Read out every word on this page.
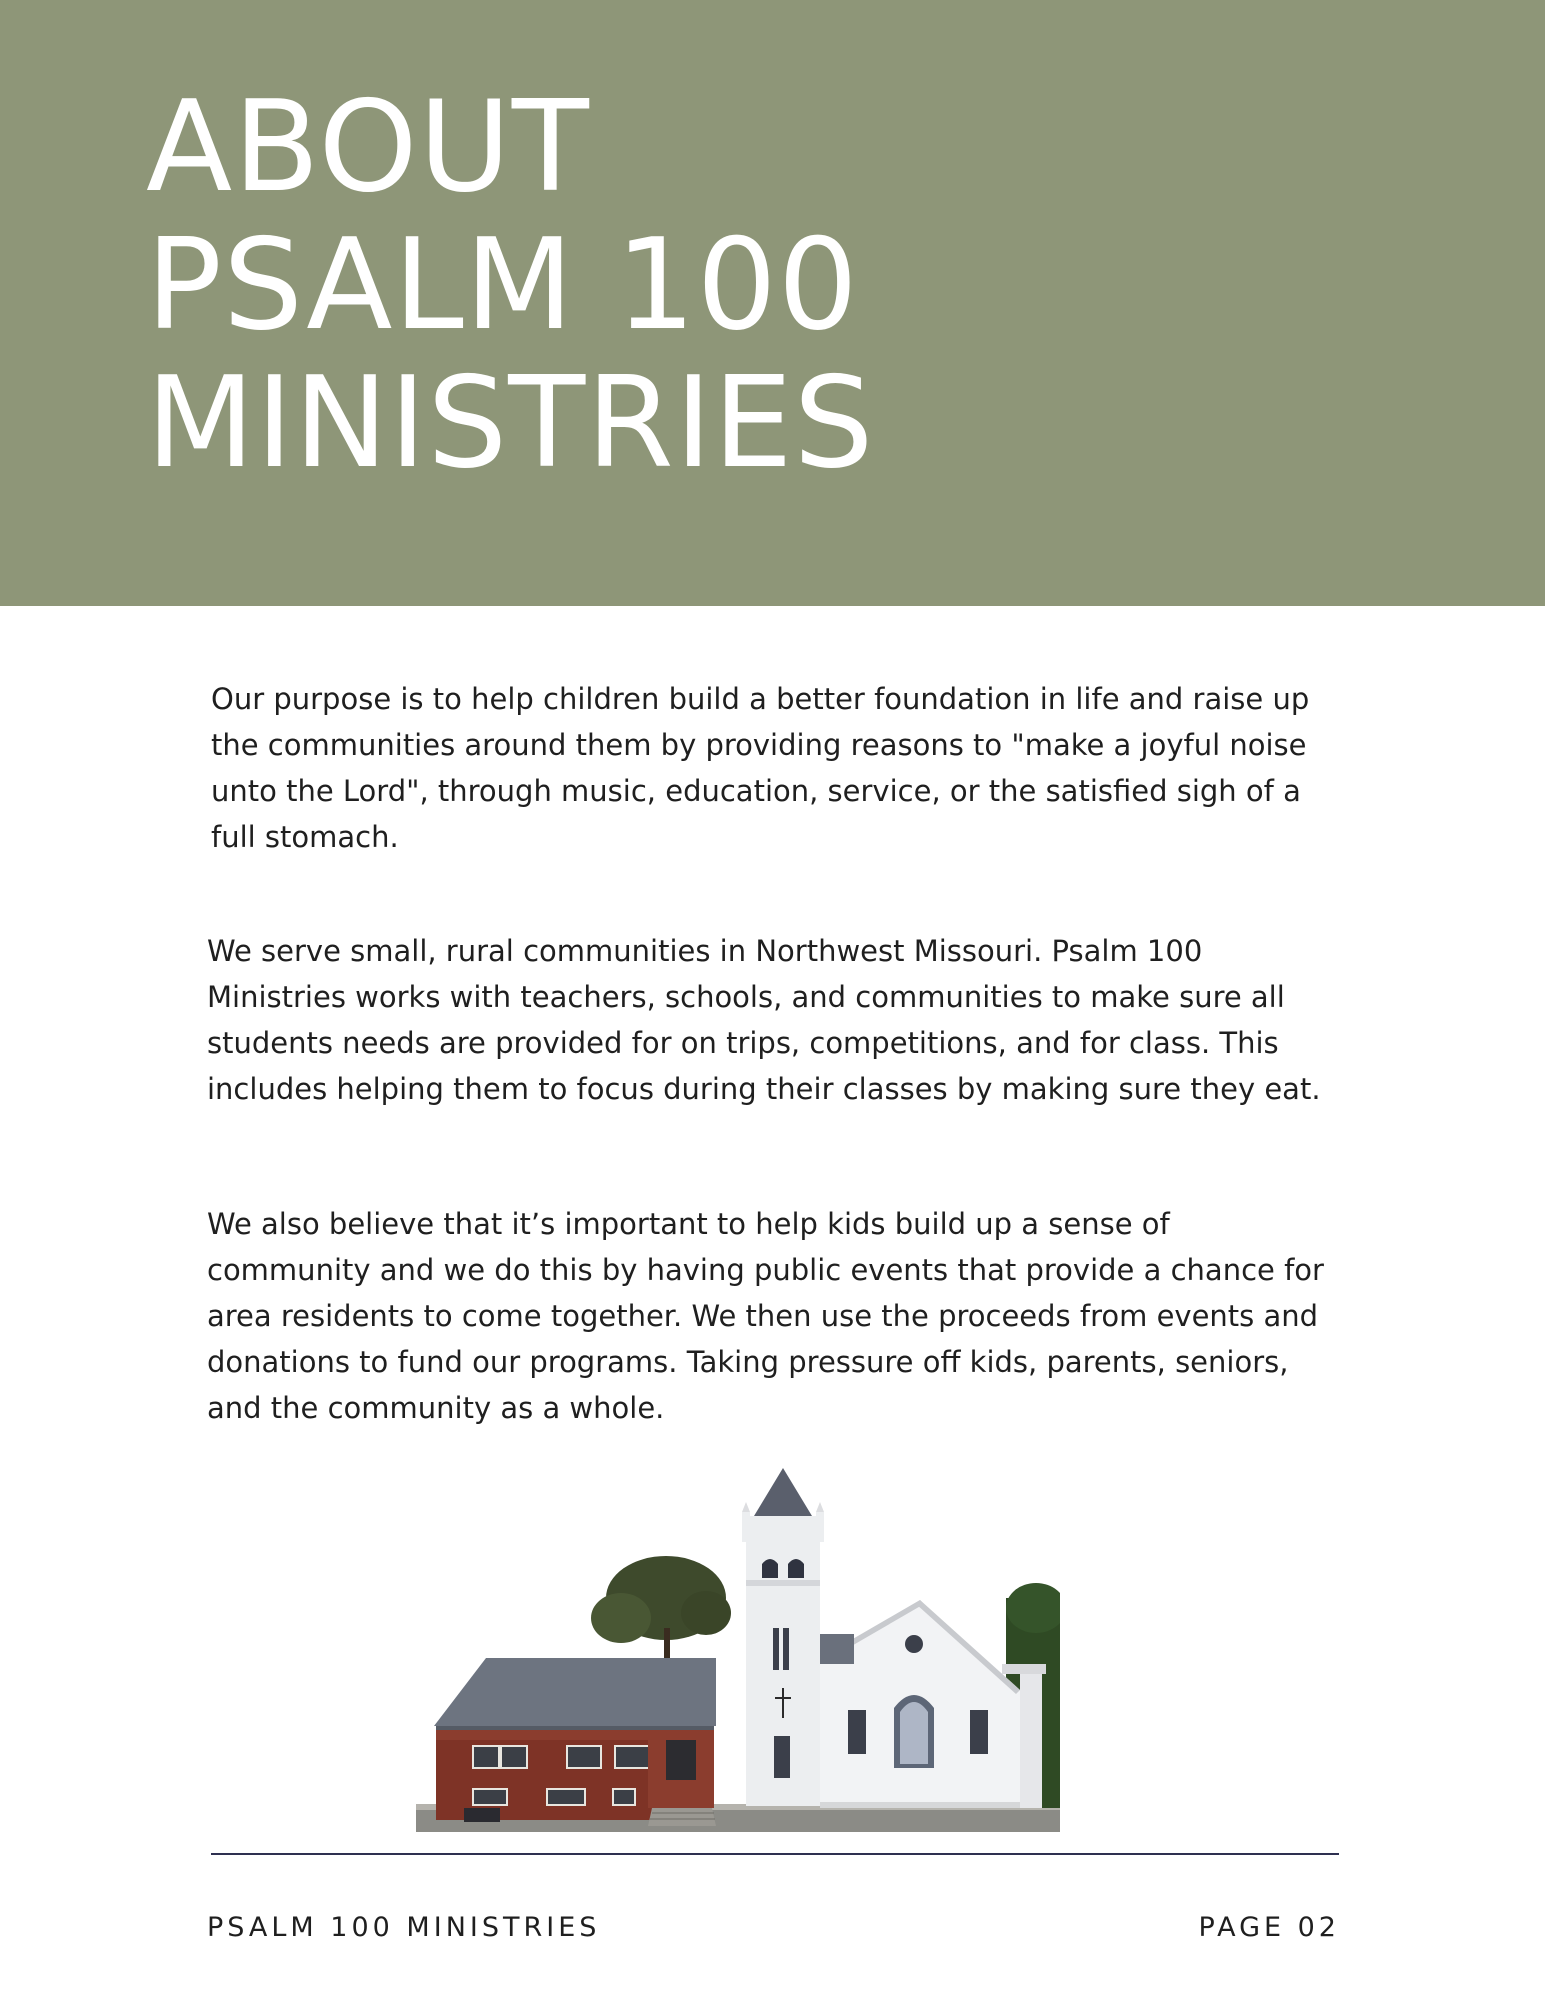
ABOUT
PSALM 100
MINISTRIES

Our purpose is to help children build a better foundation in life and raise up the communities around them by providing reasons to "make a joyful noise unto the Lord", through music, education, service, or the satisfied sigh of a full stomach.

We serve small, rural communities in Northwest Missouri. Psalm 100 Ministries works with teachers, schools, and communities to make sure all students needs are provided for on trips, competitions, and for class. This includes helping them to focus during their classes by making sure they eat.

We also believe that it’s important to help kids build up a sense of community and we do this by having public events that provide a chance for area residents to come together. We then use the proceeds from events and donations to fund our programs. Taking pressure off kids, parents, seniors, and the community as a whole.

PSALM 100 MINISTRIES	PAGE 02
